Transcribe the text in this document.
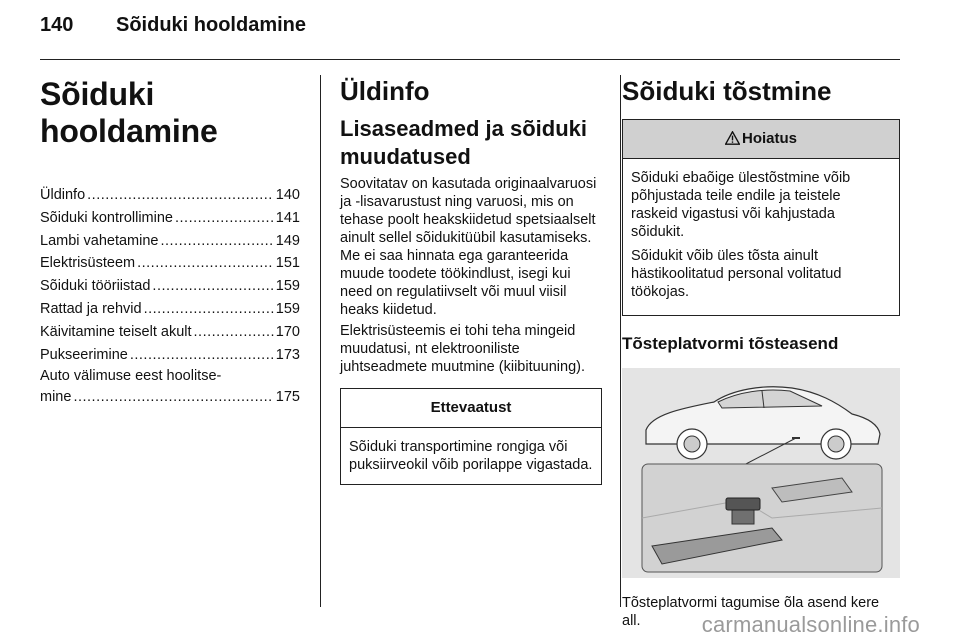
140 Sõiduki hooldamine
Sõiduki hooldamine
Üldinfo .....	140
Sõiduki kontrollimine .....	141
Lambi vahetamine .....	149
Elektrisüsteem .....	151
Sõiduki tööriistad .....	159
Rattad ja rehvid .....	159
Käivitamine teiselt akult .....	170
Pukseerimine .....	173
Auto välimuse eest hoolitse-
mine .....	175
Üldinfo
Lisaseadmed ja sõiduki muudatused

Soovitatav on kasutada originaalvaruosi ja -lisavarustust ning varuosi, mis on tehase poolt heakskiidetud spetsiaalselt ainult sellel sõidukitüübil kasutamiseks. Me ei saa hinnata ega garanteerida muude toodete töökindlust, isegi kui need on regulatiivselt või muul viisil heaks kiidetud.

Elektrisüsteemis ei tohi teha mingeid muudatusi, nt elektrooniliste juhtseadmete muutmine (kiibituuning).

Ettevaatust

Sõiduki transportimine rongiga või puksiirveokil võib porilappe vigastada.

Sõiduki tõstmine
Hoiatus

Sõiduki ebaõige ülestõstmine võib põhjustada teile endile ja teistele raskeid vigastusi või kahjustada sõidukit.

Sõidukit võib üles tõsta ainult hästikoolitatud personal volitatud töökojas.

Tõsteplatvormi tõsteasend
Tõsteplatvormi tagumise õla asend kere all.	carmanualsonline.info
